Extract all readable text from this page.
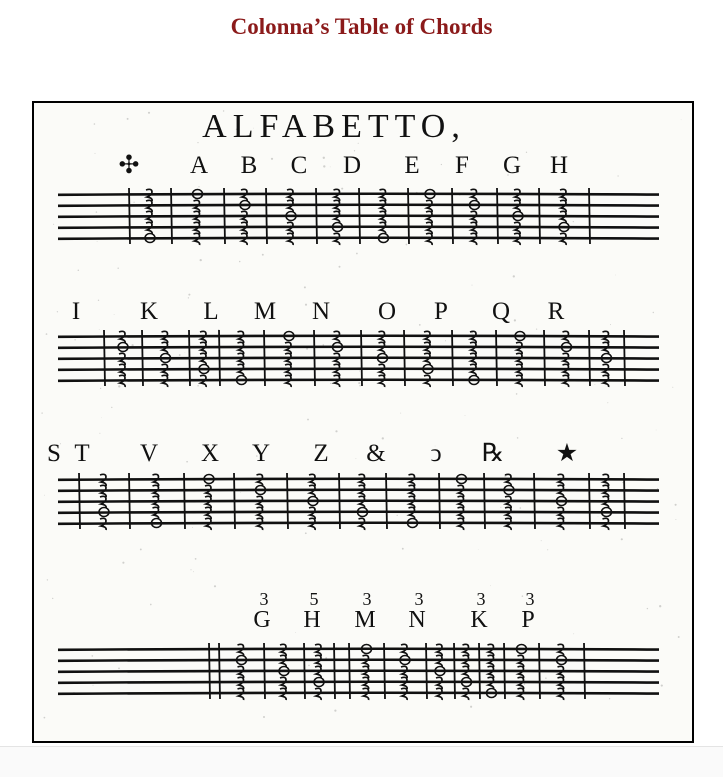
Colonna’s Table of Chords
ALFABETTO,
✣ A B C D E F G H
I K L M N O P Q R
S T V X Y Z & ↄ ℞ ★
G H M N K P
3 5 3 3	3 3
